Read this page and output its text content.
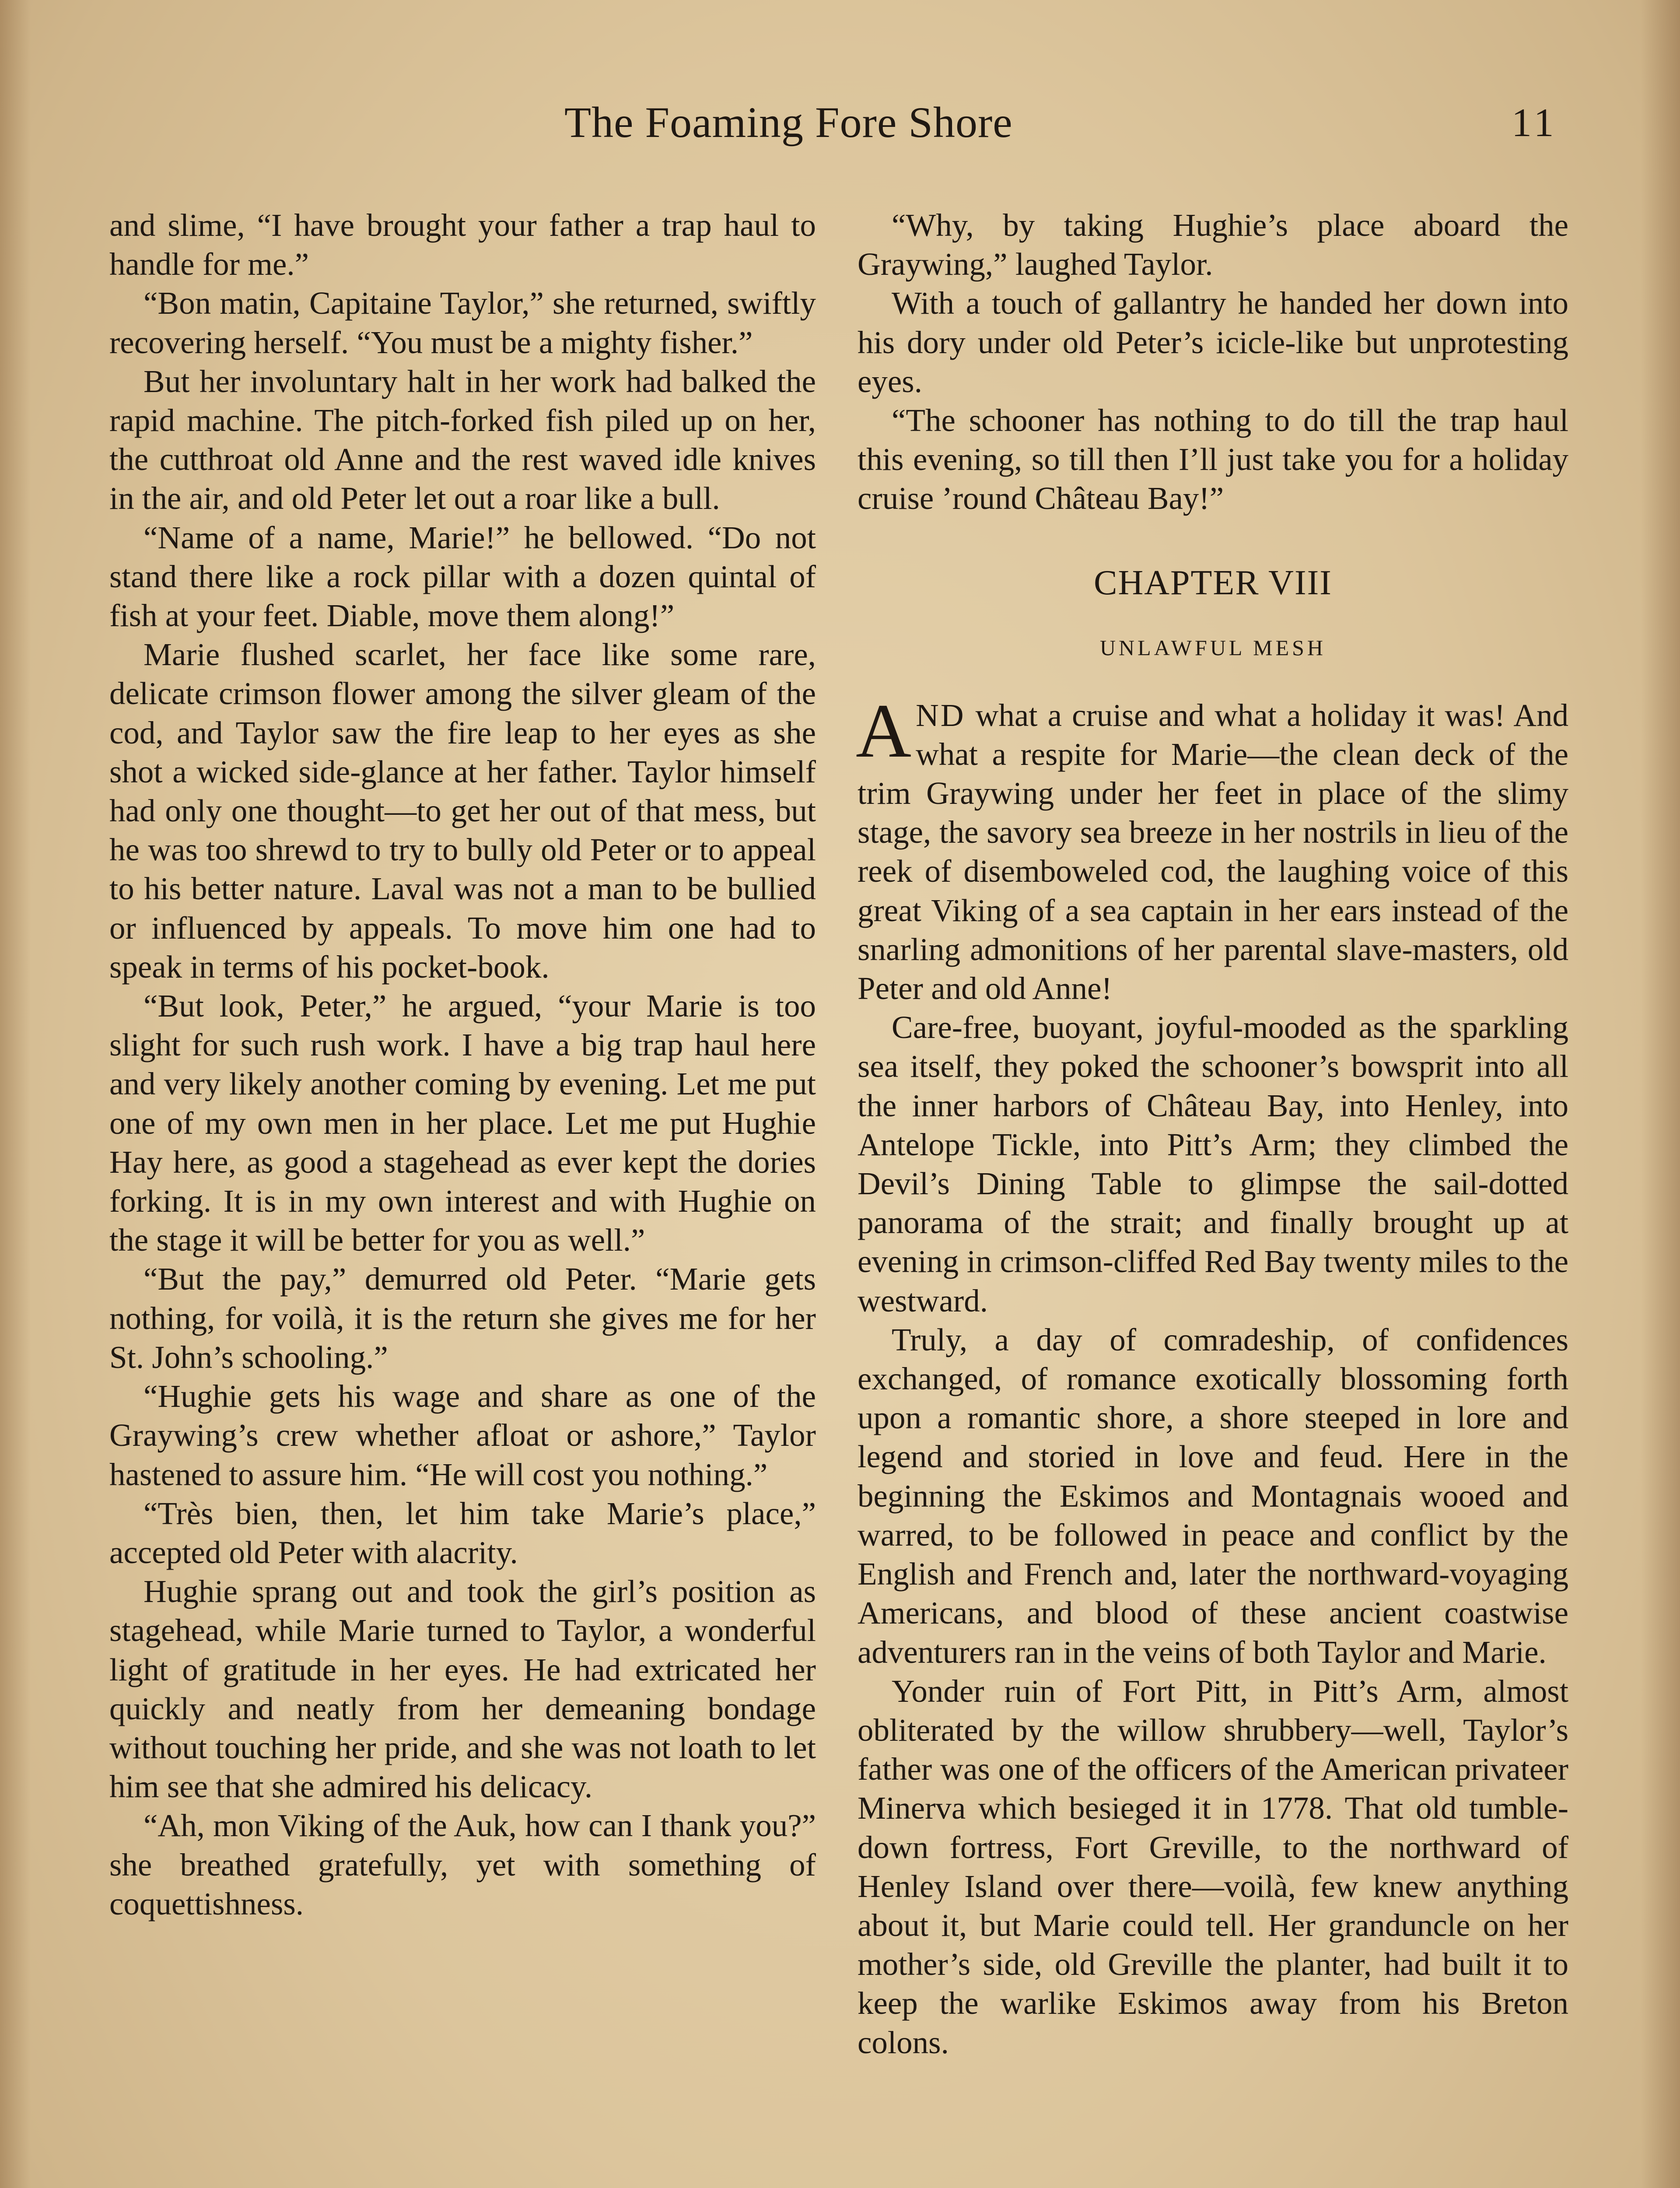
The Foaming Fore Shore	11

and slime, “I have brought your father a trap haul to handle for me.”

“Bon matin, Capitaine Taylor,” she returned, swiftly recovering herself. “You must be a mighty fisher.”

But her involuntary halt in her work had balked the rapid machine. The pitch-forked fish piled up on her, the cutthroat old Anne and the rest waved idle knives in the air, and old Peter let out a roar like a bull.

“Name of a name, Marie!” he bellowed. “Do not stand there like a rock pillar with a dozen quintal of fish at your feet. Diable, move them along!”

Marie flushed scarlet, her face like some rare, delicate crimson flower among the silver gleam of the cod, and Taylor saw the fire leap to her eyes as she shot a wicked side-glance at her father. Taylor himself had only one thought—to get her out of that mess, but he was too shrewd to try to bully old Peter or to appeal to his better nature. Laval was not a man to be bullied or influenced by appeals. To move him one had to speak in terms of his pocket-book.

“But look, Peter,” he argued, “your Marie is too slight for such rush work. I have a big trap haul here and very likely another coming by evening. Let me put one of my own men in her place. Let me put Hughie Hay here, as good a stagehead as ever kept the dories forking. It is in my own interest and with Hughie on the stage it will be better for you as well.”

“But the pay,” demurred old Peter. “Marie gets nothing, for voilà, it is the return she gives me for her St. John’s schooling.”

“Hughie gets his wage and share as one of the Graywing’s crew whether afloat or ashore,” Taylor hastened to assure him. “He will cost you nothing.”

“Très bien, then, let him take Marie’s place,” accepted old Peter with alacrity.

Hughie sprang out and took the girl’s position as stagehead, while Marie turned to Taylor, a wonderful light of gratitude in her eyes. He had extricated her quickly and neatly from her demeaning bondage without touching her pride, and she was not loath to let him see that she admired his delicacy.

“Ah, mon Viking of the Auk, how can I thank you?” she breathed gratefully, yet with something of coquettishness.

“Why, by taking Hughie’s place aboard the Graywing,” laughed Taylor.

With a touch of gallantry he handed her down into his dory under old Peter’s icicle-like but unprotesting eyes.

“The schooner has nothing to do till the trap haul this evening, so till then I’ll just take you for a holiday cruise ’round Château Bay!”

CHAPTER VIII
UNLAWFUL MESH

AND what a cruise and what a holiday it was! And what a respite for Marie—the clean deck of the trim Graywing under her feet in place of the slimy stage, the savory sea breeze in her nostrils in lieu of the reek of disemboweled cod, the laughing voice of this great Viking of a sea captain in her ears instead of the snarling admonitions of her parental slave-masters, old Peter and old Anne!

Care-free, buoyant, joyful-mooded as the sparkling sea itself, they poked the schooner’s bowsprit into all the inner harbors of Château Bay, into Henley, into Antelope Tickle, into Pitt’s Arm; they climbed the Devil’s Dining Table to glimpse the sail-dotted panorama of the strait; and finally brought up at evening in crimson-cliffed Red Bay twenty miles to the westward.

Truly, a day of comradeship, of confidences exchanged, of romance exotically blossoming forth upon a romantic shore, a shore steeped in lore and legend and storied in love and feud. Here in the beginning the Eskimos and Montagnais wooed and warred, to be followed in peace and conflict by the English and French and, later the northward-voyaging Americans, and blood of these ancient coastwise adventurers ran in the veins of both Taylor and Marie.

Yonder ruin of Fort Pitt, in Pitt’s Arm, almost obliterated by the willow shrubbery—well, Taylor’s father was one of the officers of the American privateer Minerva which besieged it in 1778. That old tumble-down fortress, Fort Greville, to the northward of Henley Island over there—voilà, few knew anything about it, but Marie could tell. Her granduncle on her mother’s side, old Greville the planter, had built it to keep the warlike Eskimos away from his Breton colons.
